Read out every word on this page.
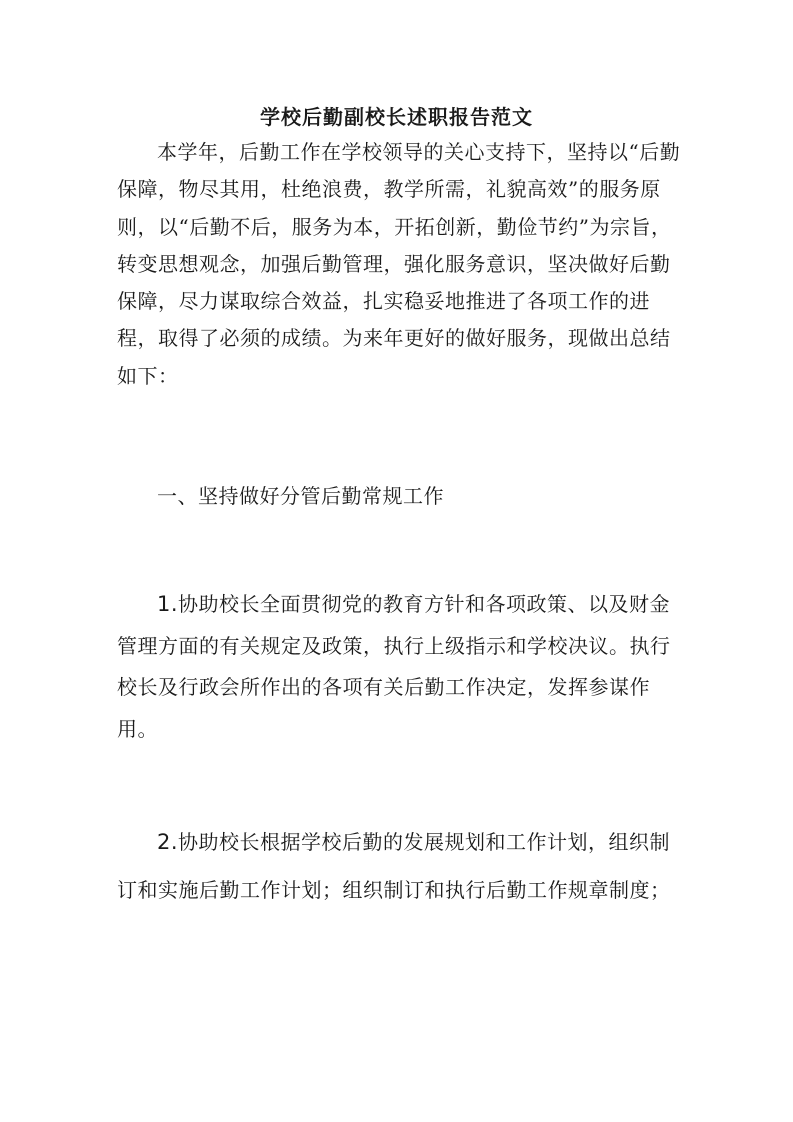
学校后勤副校长述职报告范文

本学年，后勤工作在学校领导的关心支持下，坚持以“后勤保障，物尽其用，杜绝浪费，教学所需，礼貌高效”的服务原则，以“后勤不后，服务为本，开拓创新，勤俭节约”为宗旨，转变思想观念，加强后勤管理，强化服务意识，坚决做好后勤保障，尽力谋取综合效益，扎实稳妥地推进了各项工作的进程，取得了必须的成绩。为来年更好的做好服务，现做出总结如下：

一、坚持做好分管后勤常规工作

1.协助校长全面贯彻党的教育方针和各项政策、以及财金管理方面的有关规定及政策，执行上级指示和学校决议。执行校长及行政会所作出的各项有关后勤工作决定，发挥参谋作用。

2.协助校长根据学校后勤的发展规划和工作计划，组织制订和实施后勤工作计划；组织制订和执行后勤工作规章制度；
